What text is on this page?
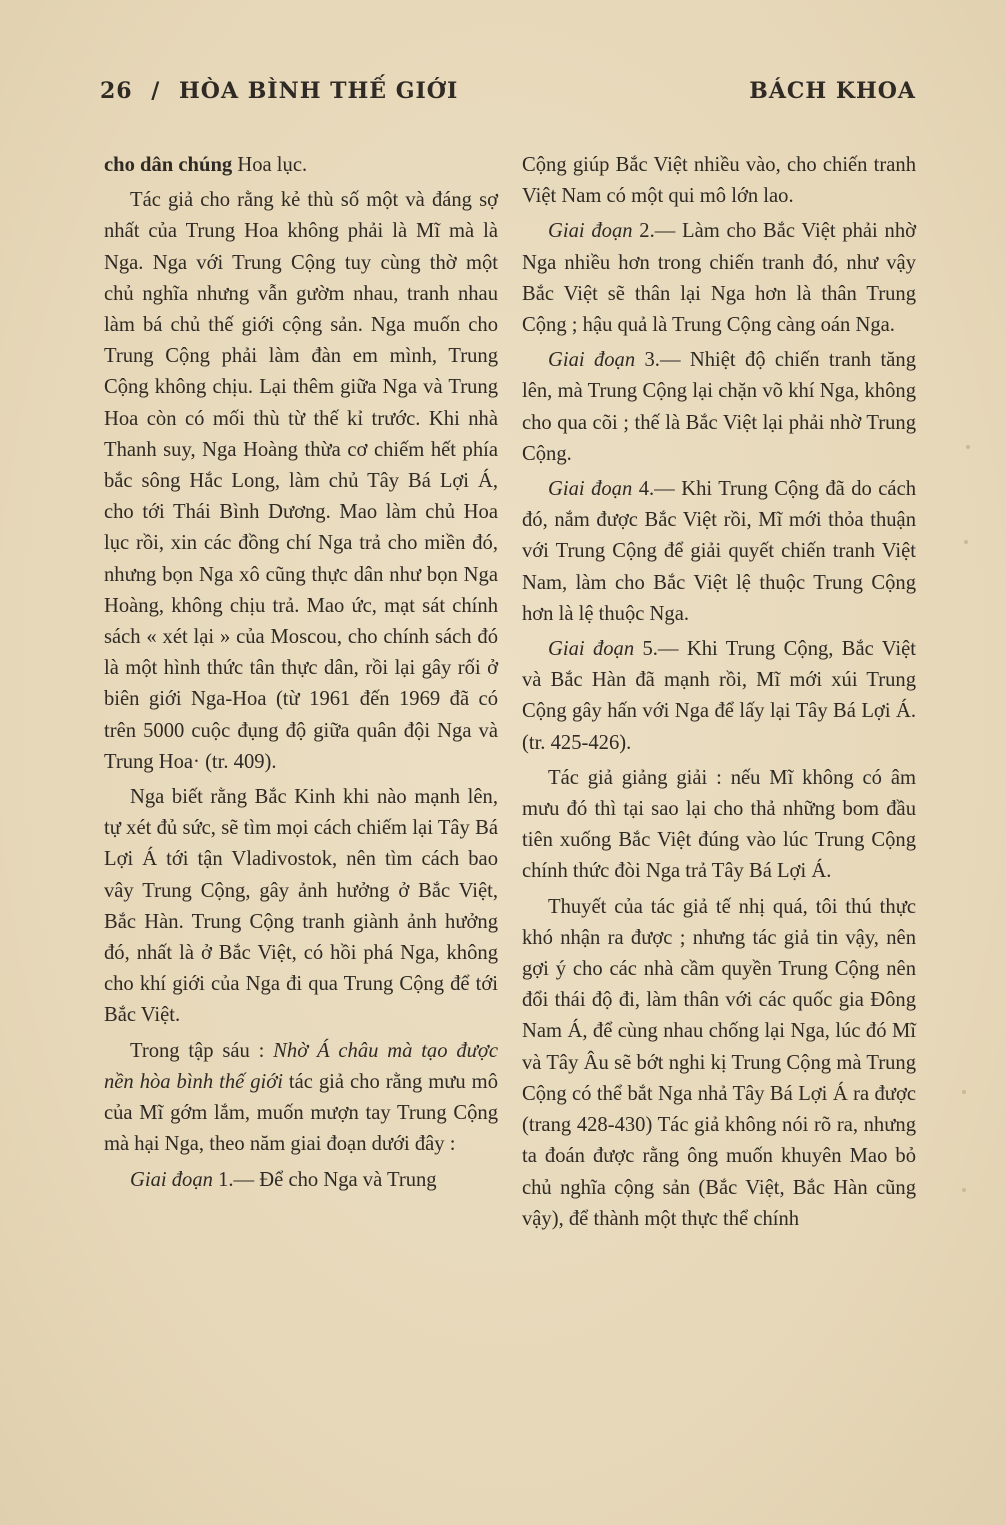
26 / HÒA BÌNH THẾ GIỚI	BÁCH KHOA

cho dân chúng Hoa lục.

Tác giả cho rằng kẻ thù số một và đáng sợ nhất của Trung Hoa không phải là Mĩ mà là Nga. Nga với Trung Cộng tuy cùng thờ một chủ nghĩa nhưng vẫn gườm nhau, tranh nhau làm bá chủ thế giới cộng sản. Nga muốn cho Trung Cộng phải làm đàn em mình, Trung Cộng không chịu. Lại thêm giữa Nga và Trung Hoa còn có mối thù từ thế kỉ trước. Khi nhà Thanh suy, Nga Hoàng thừa cơ chiếm hết phía bắc sông Hắc Long, làm chủ Tây Bá Lợi Á, cho tới Thái Bình Dương. Mao làm chủ Hoa lục rồi, xin các đồng chí Nga trả cho miền đó, nhưng bọn Nga xô cũng thực dân như bọn Nga Hoàng, không chịu trả. Mao ức, mạt sát chính sách « xét lại » của Moscou, cho chính sách đó là một hình thức tân thực dân, rồi lại gây rối ở biên giới Nga-Hoa (từ 1961 đến 1969 đã có trên 5000 cuộc đụng độ giữa quân đội Nga và Trung Hoa· (tr. 409).

Nga biết rằng Bắc Kinh khi nào mạnh lên, tự xét đủ sức, sẽ tìm mọi cách chiếm lại Tây Bá Lợi Á tới tận Vladivostok, nên tìm cách bao vây Trung Cộng, gây ảnh hưởng ở Bắc Việt, Bắc Hàn. Trung Cộng tranh giành ảnh hưởng đó, nhất là ở Bắc Việt, có hồi phá Nga, không cho khí giới của Nga đi qua Trung Cộng để tới Bắc Việt.

Trong tập sáu : Nhờ Á châu mà tạo được nền hòa bình thế giới tác giả cho rằng mưu mô của Mĩ gớm lắm, muốn mượn tay Trung Cộng mà hại Nga, theo năm giai đoạn dưới đây :

Giai đoạn 1.— Để cho Nga và Trung

Cộng giúp Bắc Việt nhiều vào, cho chiến tranh Việt Nam có một qui mô lớn lao.

Giai đoạn 2.— Làm cho Bắc Việt phải nhờ Nga nhiều hơn trong chiến tranh đó, như vậy Bắc Việt sẽ thân lại Nga hơn là thân Trung Cộng ; hậu quả là Trung Cộng càng oán Nga.

Giai đoạn 3.— Nhiệt độ chiến tranh tăng lên, mà Trung Cộng lại chặn võ khí Nga, không cho qua cõi ; thế là Bắc Việt lại phải nhờ Trung Cộng.

Giai đoạn 4.— Khi Trung Cộng đã do cách đó, nắm được Bắc Việt rồi, Mĩ mới thỏa thuận với Trung Cộng để giải quyết chiến tranh Việt Nam, làm cho Bắc Việt lệ thuộc Trung Cộng hơn là lệ thuộc Nga.

Giai đoạn 5.— Khi Trung Cộng, Bắc Việt và Bắc Hàn đã mạnh rồi, Mĩ mới xúi Trung Cộng gây hấn với Nga để lấy lại Tây Bá Lợi Á. (tr. 425-426).

Tác giả giảng giải : nếu Mĩ không có âm mưu đó thì tại sao lại cho thả những bom đầu tiên xuống Bắc Việt đúng vào lúc Trung Cộng chính thức đòi Nga trả Tây Bá Lợi Á.

Thuyết của tác giả tế nhị quá, tôi thú thực khó nhận ra được ; nhưng tác giả tin vậy, nên gợi ý cho các nhà cầm quyền Trung Cộng nên đổi thái độ đi, làm thân với các quốc gia Đông Nam Á, để cùng nhau chống lại Nga, lúc đó Mĩ và Tây Âu sẽ bớt nghi kị Trung Cộng mà Trung Cộng có thể bắt Nga nhả Tây Bá Lợi Á ra được (trang 428-430) Tác giả không nói rõ ra, nhưng ta đoán được rằng ông muốn khuyên Mao bỏ chủ nghĩa cộng sản (Bắc Việt, Bắc Hàn cũng vậy), để thành một thực thể chính
